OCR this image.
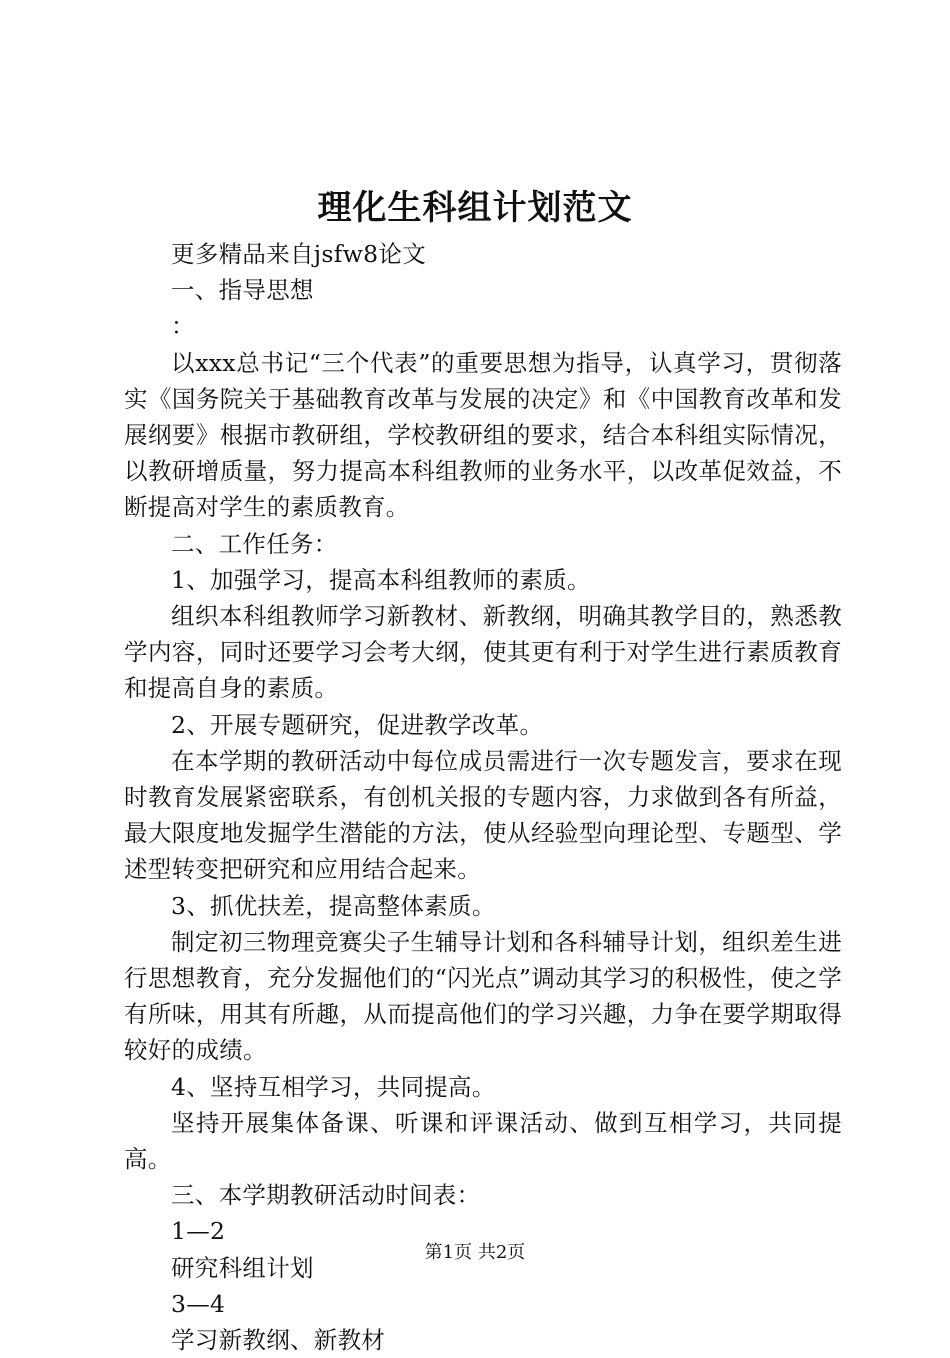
理化生科组计划范文

更多精品来自jsfw8论文

一、指导思想

：

以xxx总书记“三个代表”的重要思想为指导，认真学习，贯彻落实《国务院关于基础教育改革与发展的决定》和《中国教育改革和发展纲要》根据市教研组，学校教研组的要求，结合本科组实际情况，以教研增质量，努力提高本科组教师的业务水平，以改革促效益，不断提高对学生的素质教育。

二、工作任务：

1、加强学习，提高本科组教师的素质。

组织本科组教师学习新教材、新教纲，明确其教学目的，熟悉教学内容，同时还要学习会考大纲，使其更有利于对学生进行素质教育和提高自身的素质。

2、开展专题研究，促进教学改革。

在本学期的教研活动中每位成员需进行一次专题发言，要求在现时教育发展紧密联系，有创机关报的专题内容，力求做到各有所益，最大限度地发掘学生潜能的方法，使从经验型向理论型、专题型、学述型转变把研究和应用结合起来。

3、抓优扶差，提高整体素质。

制定初三物理竞赛尖子生辅导计划和各科辅导计划，组织差生进行思想教育，充分发掘他们的“闪光点”调动其学习的积极性，使之学有所味，用其有所趣，从而提高他们的学习兴趣，力争在要学期取得较好的成绩。

4、坚持互相学习，共同提高。

坚持开展集体备课、听课和评课活动、做到互相学习，共同提高。

三、本学期教研活动时间表：

1—2

研究科组计划

3—4

学习新教纲、新教材

第1页 共2页
